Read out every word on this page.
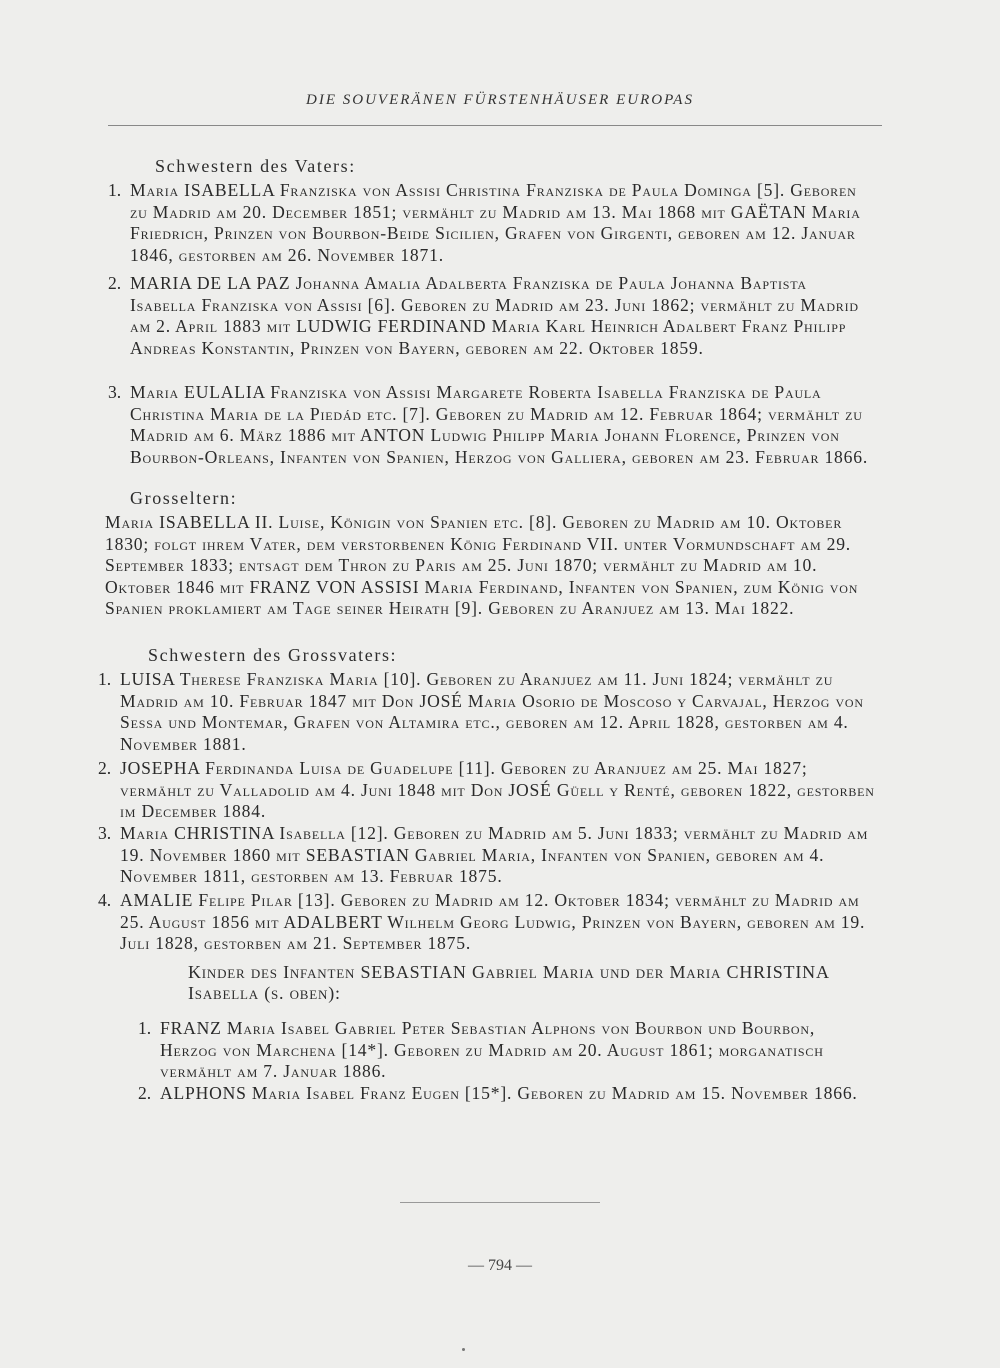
DIE SOUVERÄNEN FÜRSTENHÄUSER EUROPAS
Schwestern des Vaters:
1. Maria ISABELLA Franziska von Assisi Christina Franziska de Paula Dominga [5]. Geboren zu Madrid am 20. December 1851; vermählt zu Madrid am 13. Mai 1868 mit GAËTAN Maria Friedrich, Prinzen von Bourbon-Beide Sicilien, Grafen von Girgenti, geboren am 12. Januar 1846, gestorben am 26. November 1871.
2. MARIA DE LA PAZ Johanna Amalia Adalberta Franziska de Paula Johanna Baptista Isabella Franziska von Assisi [6]. Geboren zu Madrid am 23. Juni 1862; vermählt zu Madrid am 2. April 1883 mit LUDWIG FERDINAND Maria Karl Heinrich Adalbert Franz Philipp Andreas Konstantin, Prinzen von Bayern, geboren am 22. Oktober 1859.
3. Maria EULALIA Franziska von Assisi Margarete Roberta Isabella Franziska de Paula Christina Maria de la Piedád etc. [7]. Geboren zu Madrid am 12. Februar 1864; vermählt zu Madrid am 6. März 1886 mit ANTON Ludwig Philipp Maria Johann Florence, Prinzen von Bourbon-Orleans, Infanten von Spanien, Herzog von Galliera, geboren am 23. Februar 1866.
Grosseltern:
Maria ISABELLA II. Luise, Königin von Spanien etc. [8]. Geboren zu Madrid am 10. Oktober 1830; folgt ihrem Vater, dem verstorbenen König Ferdinand VII. unter Vormundschaft am 29. September 1833; entsagt dem Thron zu Paris am 25. Juni 1870; vermählt zu Madrid am 10. Oktober 1846 mit FRANZ VON ASSISI Maria Ferdinand, Infanten von Spanien, zum König von Spanien proklamiert am Tage seiner Heirath [9]. Geboren zu Aranjuez am 13. Mai 1822.
Schwestern des Grossvaters:
1. LUISA Therese Franziska Maria [10]. Geboren zu Aranjuez am 11. Juni 1824; vermählt zu Madrid am 10. Februar 1847 mit Don JOSÉ Maria Osorio de Moscoso y Carvajal, Herzog von Sessa und Montemar, Grafen von Altamira etc., geboren am 12. April 1828, gestorben am 4. November 1881.
2. JOSEPHA Ferdinanda Luisa de Guadelupe [11]. Geboren zu Aranjuez am 25. Mai 1827; vermählt zu Valladolid am 4. Juni 1848 mit Don JOSÉ Güell y Renté, geboren 1822, gestorben im December 1884.
3. Maria CHRISTINA Isabella [12]. Geboren zu Madrid am 5. Juni 1833; vermählt zu Madrid am 19. November 1860 mit SEBASTIAN Gabriel Maria, Infanten von Spanien, geboren am 4. November 1811, gestorben am 13. Februar 1875.
4. AMALIE Felipe Pilar [13]. Geboren zu Madrid am 12. Oktober 1834; vermählt zu Madrid am 25. August 1856 mit ADALBERT Wilhelm Georg Ludwig, Prinzen von Bayern, geboren am 19. Juli 1828, gestorben am 21. September 1875.
Kinder des Infanten SEBASTIAN Gabriel Maria und der Maria CHRISTINA Isabella (s. oben):
1. FRANZ Maria Isabel Gabriel Peter Sebastian Alphons von Bourbon und Bourbon, Herzog von Marchena [14*]. Geboren zu Madrid am 20. August 1861; morganatisch vermählt am 7. Januar 1886.
2. ALPHONS Maria Isabel Franz Eugen [15*]. Geboren zu Madrid am 15. November 1866.
— 794 —
